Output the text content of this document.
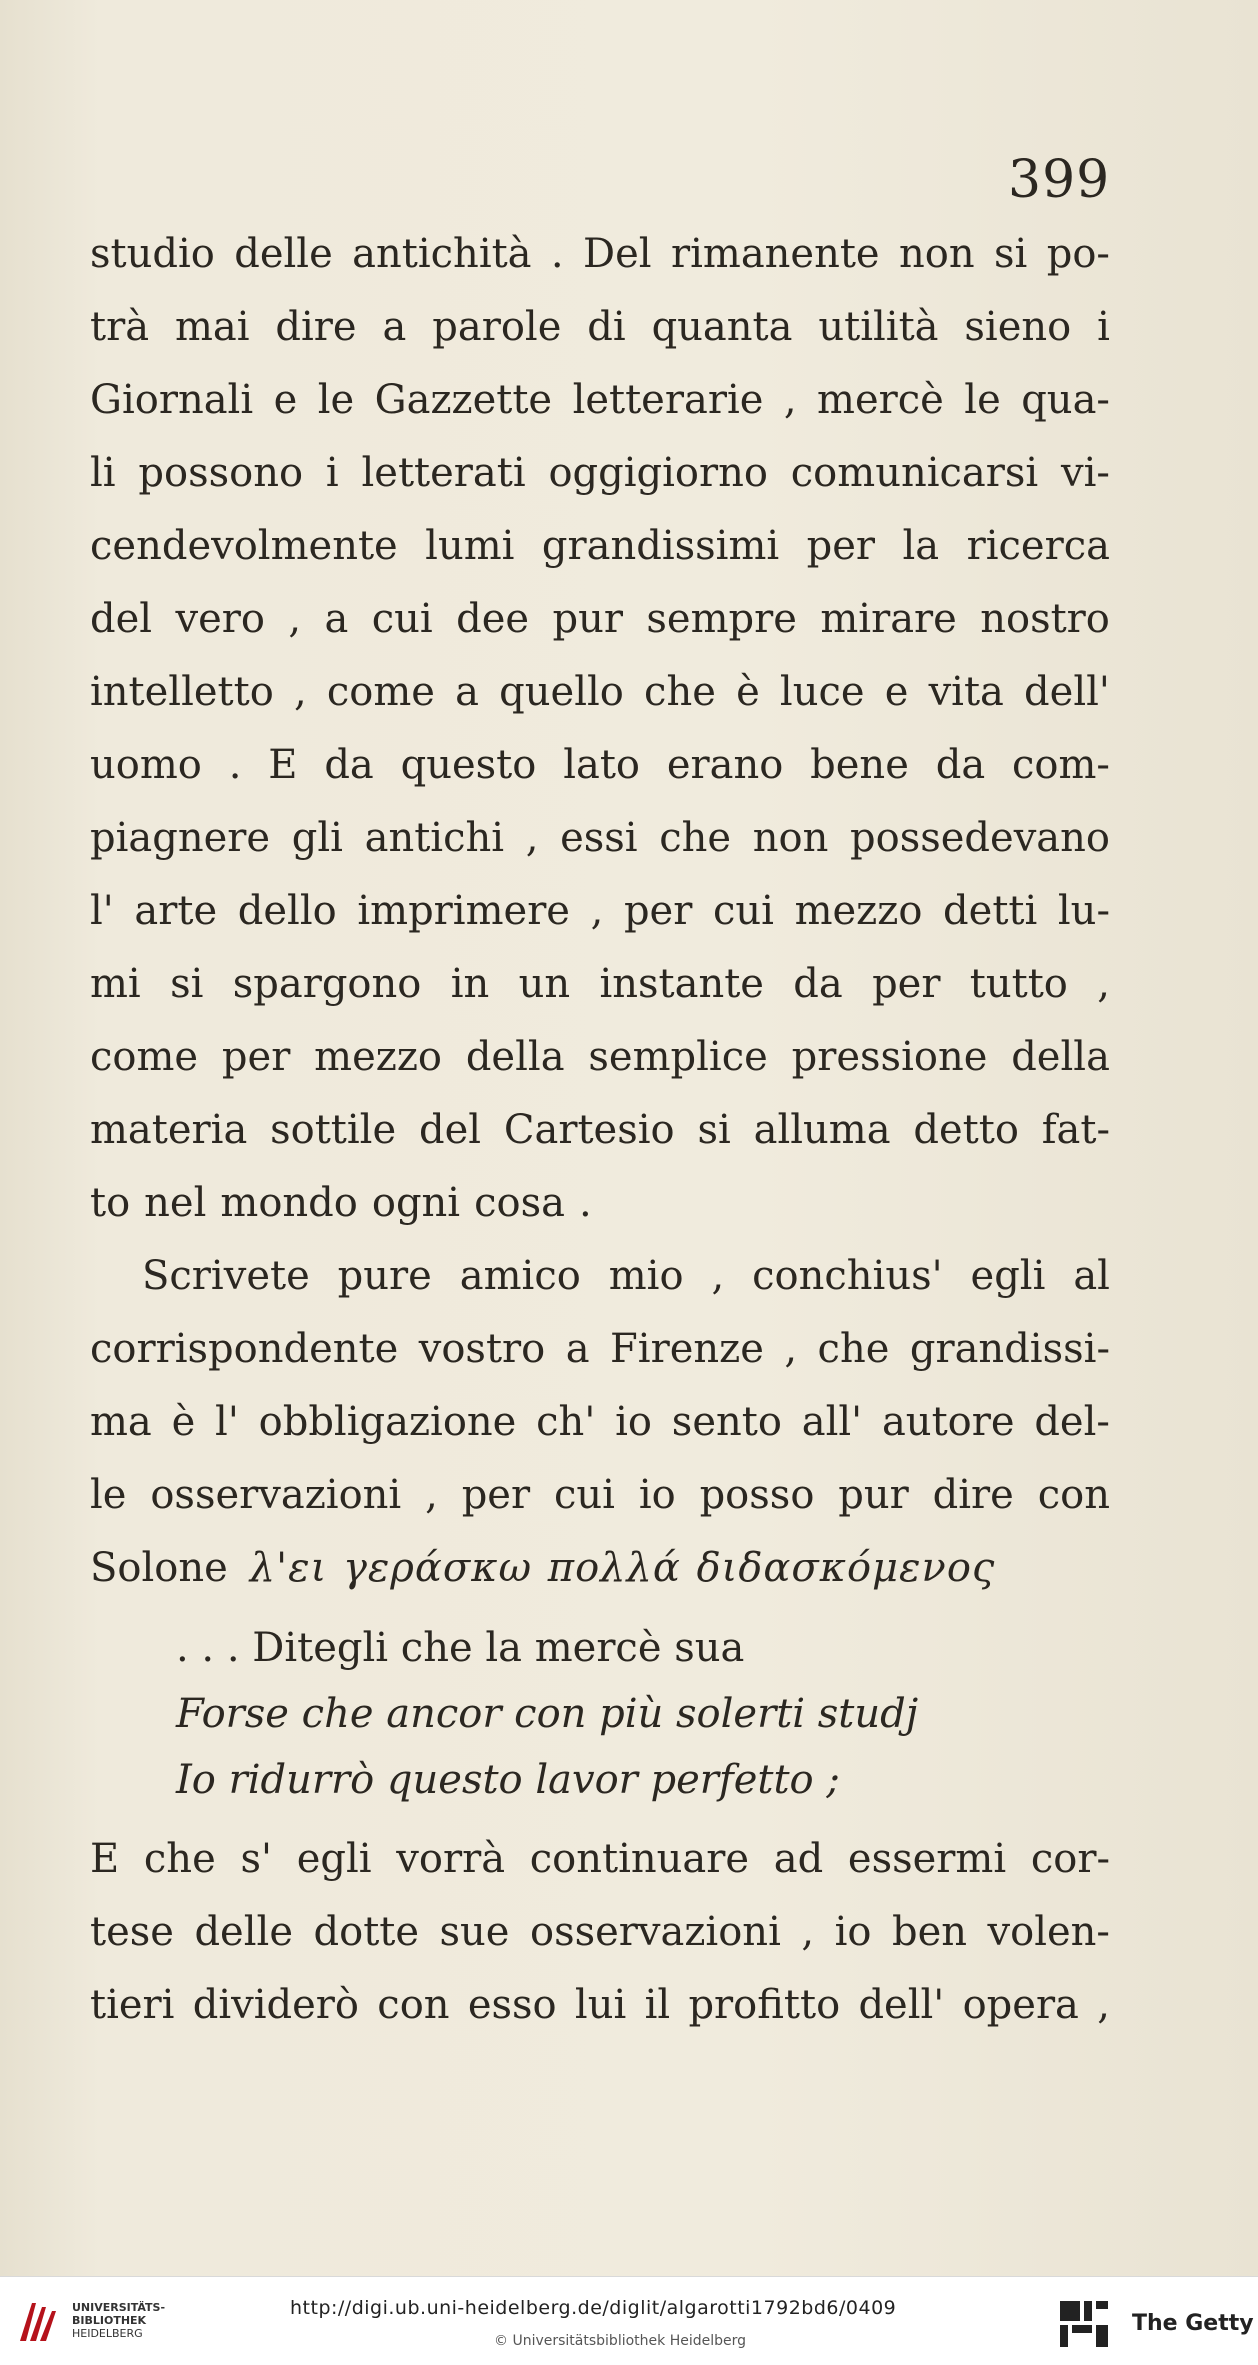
399
studio delle antichità . Del rimanente non si po-
trà mai dire a parole di quanta utilità sieno i
Giornali e le Gazzette letterarie , mercè le qua-
li possono i letterati oggigiorno comunicarsi vi-
cendevolmente lumi grandissimi per la ricerca
del vero , a cui dee pur sempre mirare nostro
intelletto , come a quello che è luce e vita dell'
uomo . E da questo lato erano bene da com-
piagnere gli antichi , essi che non possedevano
l' arte dello imprimere , per cui mezzo detti lu-
mi si spargono in un instante da per tutto ,
come per mezzo della semplice pressione della
materia sottile del Cartesio si alluma detto fat-
to nel mondo ogni cosa .
Scrivete pure amico mio , conchius' egli al
corrispondente vostro a Firenze , che grandissi-
ma è l' obbligazione ch' io sento all' autore del-
le osservazioni , per cui io posso pur dire con
Solone λ'ει γεράσκω πολλά διδασκόμενος
. . . Ditegli che la mercè sua
Forse che ancor con più solerti studj
Io ridurrò questo lavor perfetto ;
E che s' egli vorrà continuare ad essermi cor-
tese delle dotte sue osservazioni , io ben volen-
tieri dividerò con esso lui il profitto dell' opera ,
UNIVERSITÄTS-
BIBLIOTHEK
HEIDELBERG
http://digi.ub.uni-heidelberg.de/diglit/algarotti1792bd6/0409
© Universitätsbibliothek Heidelberg
The Getty
